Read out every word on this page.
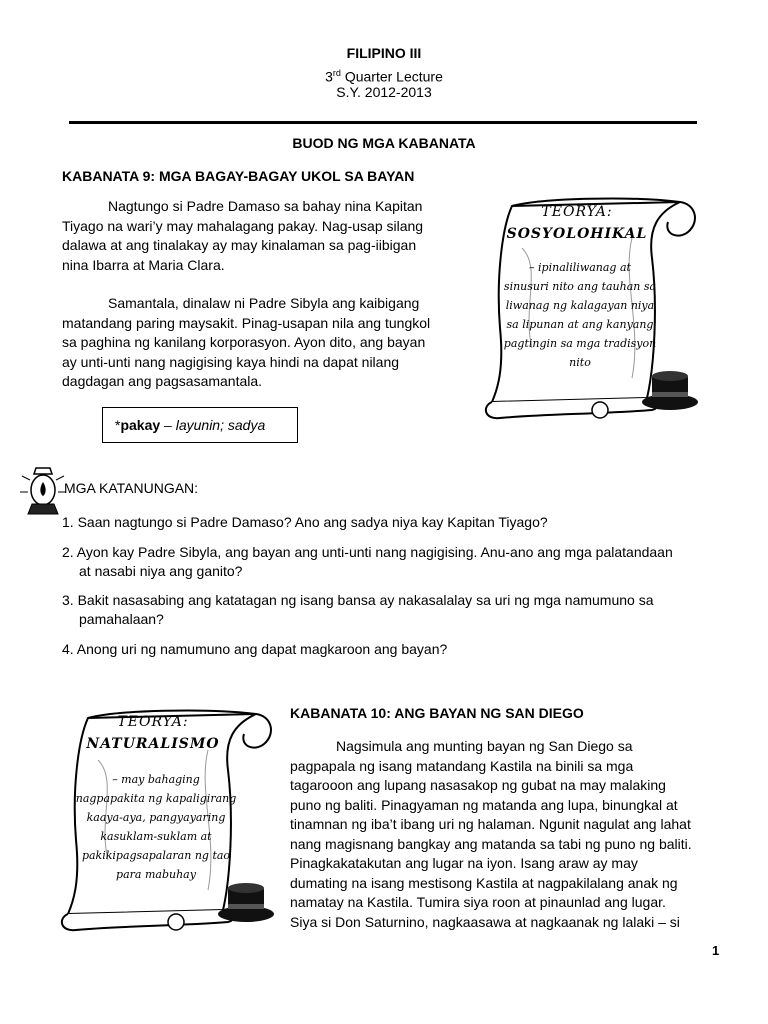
FILIPINO III
3rd Quarter Lecture
S.Y. 2012-2013
BUOD NG MGA KABANATA
KABANATA 9: MGA BAGAY-BAGAY UKOL SA BAYAN
Nagtungo si Padre Damaso sa bahay nina Kapitan
Tiyago na wari’y may mahalagang pakay. Nag-usap silang
dalawa at ang tinalakay ay may kinalaman sa pag-iibigan
nina Ibarra at Maria Clara.
Samantala, dinalaw ni Padre Sibyla ang kaibigang
matandang paring maysakit. Pinag-usapan nila ang tungkol
sa paghina ng kanilang korporasyon. Ayon dito, ang bayan
ay unti-unti nang nagigising kaya hindi na dapat nilang
dagdagan ang pagsasamantala.
*pakay – layunin; sadya
TEORYA:
SOSYOLOHIKAL
– ipinaliliwanag at
sinusuri nito ang tauhan sa
liwanag ng kalagayan niya
sa lipunan at ang kanyang
pagtingin sa mga tradisyon
nito
MGA KATANUNGAN:
1. Saan nagtungo si Padre Damaso? Ano ang sadya niya kay Kapitan Tiyago?
2. Ayon kay Padre Sibyla, ang bayan ang unti-unti nang nagigising. Anu-ano ang mga palatandaan
at nasabi niya ang ganito?
3. Bakit nasasabing ang katatagan ng isang bansa ay nakasalalay sa uri ng mga namumuno sa
pamahalaan?
4. Anong uri ng namumuno ang dapat magkaroon ang bayan?
TEORYA:
NATURALISMO
– may bahaging
nagpapakita ng kapaligirang
kaaya-aya, pangyayaring
kasuklam-suklam at
pakikipagsapalaran ng tao
para mabuhay
KABANATA 10: ANG BAYAN NG SAN DIEGO
Nagsimula ang munting bayan ng San Diego sa
pagpapala ng isang matandang Kastila na binili sa mga
tagarooon ang lupang nasasakop ng gubat na may malaking
puno ng baliti. Pinagyaman ng matanda ang lupa, binungkal at
tinamnan ng iba’t ibang uri ng halaman. Ngunit nagulat ang lahat
nang magisnang bangkay ang matanda sa tabi ng puno ng baliti.
Pinagkakatakutan ang lugar na iyon. Isang araw ay may
dumating na isang mestisong Kastila at nagpakilalang anak ng
namatay na Kastila. Tumira siya roon at pinaunlad ang lugar.
Siya si Don Saturnino, nagkaasawa at nagkaanak ng lalaki – si
1
